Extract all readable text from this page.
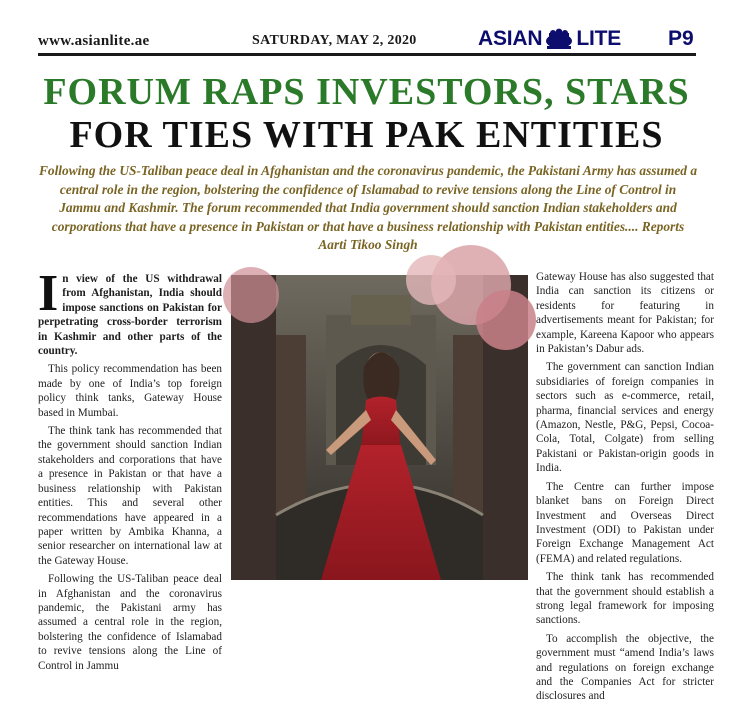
www.asianlite.ae	SATURDAY, MAY 2, 2020	ASIAN LITE P9
FORUM RAPS INVESTORS, STARS
FOR TIES WITH PAK ENTITIES
Following the US-Taliban peace deal in Afghanistan and the coronavirus pandemic, the Pakistani Army has assumed a central role in the region, bolstering the confidence of Islamabad to revive tensions along the Line of Control in Jammu and Kashmir. The forum recommended that India government should sanction Indian stakeholders and corporations that have a presence in Pakistan or that have a business relationship with Pakistan entities.... Reports Aarti Tikoo Singh

In view of the US withdrawal from Afghanistan, India should impose sanctions on Pakistan for perpetrating cross-border terrorism in Kashmir and other parts of the country.

This policy recommendation has been made by one of India’s top foreign policy think tanks, Gateway House based in Mumbai.

The think tank has recommended that the government should sanction Indian stakeholders and corporations that have a presence in Pakistan or that have a business relationship with Pakistan entities. This and several other recommendations have appeared in a paper written by Ambika Khanna, a senior researcher on international law at the Gateway House.

Following the US-Taliban peace deal in Afghanistan and the coronavirus pandemic, the Pakistani army has assumed a central role in the region, bolstering the confidence of Islamabad to revive tensions along the Line of Control in Jammu

Gateway House has also suggested that India can sanction its citizens or residents for featuring in advertisements meant for Pakistan; for example, Kareena Kapoor who appears in Pakistan’s Dabur ads.

The government can sanction Indian subsidiaries of foreign companies in sectors such as e-commerce, retail, pharma, financial services and energy (Amazon, Nestle, P&G, Pepsi, Cocoa-Cola, Total, Colgate) from selling Pakistani or Pakistan-origin goods in India.

The Centre can further impose blanket bans on Foreign Direct Investment and Overseas Direct Investment (ODI) to Pakistan under Foreign Exchange Management Act (FEMA) and related regulations.

The think tank has recommended that the government should establish a strong legal framework for imposing sanctions.

To accomplish the objective, the government must “amend India’s laws and regulations on foreign exchange and the Companies Act for stricter disclosures and
